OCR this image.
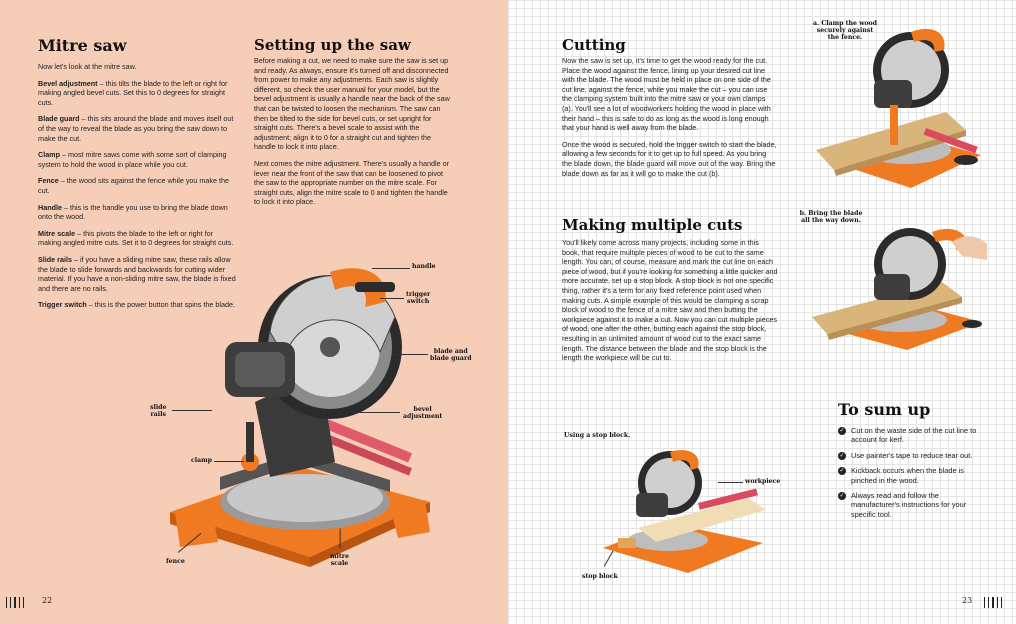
Mitre saw

Now let's look at the mitre saw.

Bevel adjustment – this tilts the blade to the left or right for making angled bevel cuts. Set this to 0 degrees for straight cuts.

Blade guard – this sits around the blade and moves itself out of the way to reveal the blade as you bring the saw down to make the cut.

Clamp – most mitre saws come with some sort of clamping system to hold the wood in place while you cut.

Fence – the wood sits against the fence while you make the cut.

Handle – this is the handle you use to bring the blade down onto the wood.

Mitre scale – this pivots the blade to the left or right for making angled mitre cuts. Set it to 0 degrees for straight cuts.

Slide rails – if you have a sliding mitre saw, these rails allow the blade to slide forwards and backwards for cutting wider material. If you have a non-sliding mitre saw, the blade is fixed and there are no rails.

Trigger switch – this is the power button that spins the blade.

Setting up the saw

Before making a cut, we need to make sure the saw is set up and ready. As always, ensure it's turned off and disconnected from power to make any adjustments. Each saw is slightly different, so check the user manual for your model, but the bevel adjustment is usually a handle near the back of the saw that can be twisted to loosen the mechanism. The saw can then be tilted to the side for bevel cuts, or set upright for straight cuts. There's a bevel scale to assist with the adjustment; align it to 0 for a straight cut and tighten the handle to lock it into place.

Next comes the mitre adjustment. There's usually a handle or lever near the front of the saw that can be loosened to pivot the saw to the appropriate number on the mitre scale. For straight cuts, align the mitre scale to 0 and tighten the handle to lock it into place.

handle
trigger
switch
blade and
blade guard
bevel
adjustment
slide
rails
clamp
fence
mitre
scale
22
Cutting

Now the saw is set up, it's time to get the wood ready for the cut. Place the wood against the fence, lining up your desired cut line with the blade. The wood must be held in place on one side of the cut line, against the fence, while you make the cut – you can use the clamping system built into the mitre saw or your own clamps (a). You'll see a lot of woodworkers holding the wood in place with their hand – this is safe to do as long as the wood is long enough that your hand is well away from the blade.

Once the wood is secured, hold the trigger switch to start the blade, allowing a few seconds for it to get up to full speed. As you bring the blade down, the blade guard will move out of the way. Bring the blade down as far as it will go to make the cut (b).

Making multiple cuts

You'll likely come across many projects, including some in this book, that require multiple pieces of wood to be cut to the same length. You can, of course, measure and mark the cut line on each piece of wood, but if you're looking for something a little quicker and more accurate, set up a stop block. A stop block is not one specific thing, rather it's a term for any fixed reference point used when making cuts. A simple example of this would be clamping a scrap block of wood to the fence of a mitre saw and then butting the workpiece against it to make a cut. Now you can cut multiple pieces of wood, one after the other, butting each against the stop block, resulting in an unlimited amount of wood cut to the exact same length. The distance between the blade and the stop block is the length the workpiece will be cut to.

a. Clamp the wood
securely against
the fence.
b. Bring the blade
all the way down.
Using a stop block.
workpiece
stop block
To sum up
✓ Cut on the waste side of the cut line to account for kerf.
✓ Use painter's tape to reduce tear out.
✓ Kickback occurs when the blade is pinched in the wood.
✓ Always read and follow the manufacturer's instructions for your specific tool.
23
